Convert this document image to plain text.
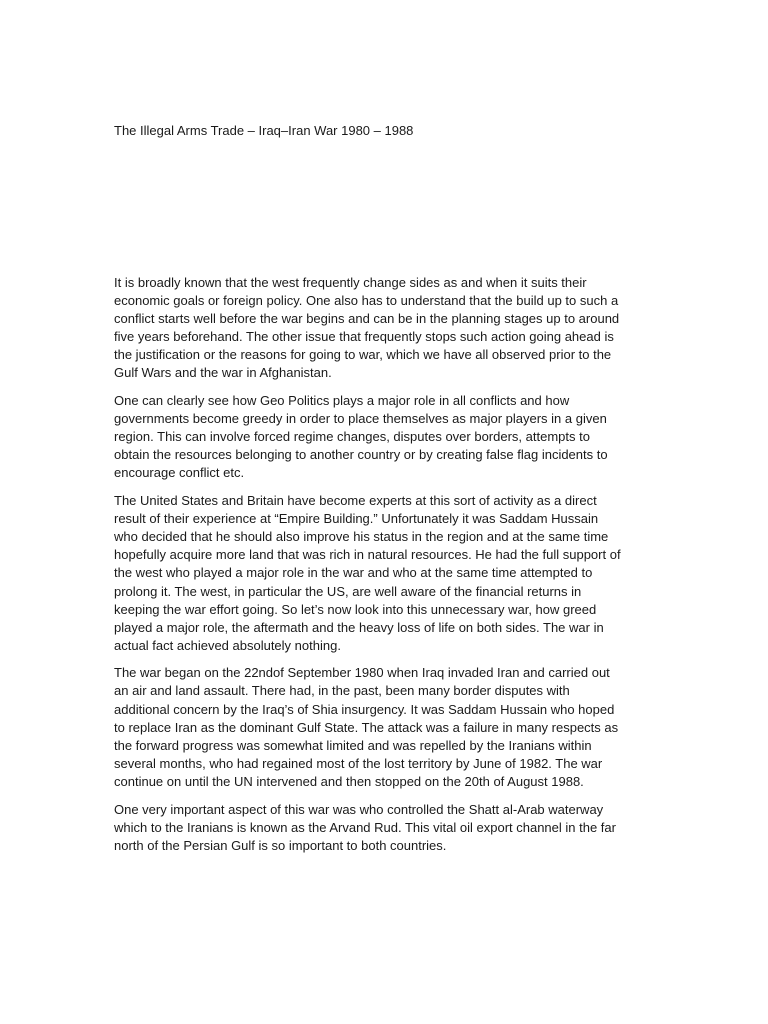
The Illegal Arms Trade – Iraq–Iran War 1980 – 1988

It is broadly known that the west frequently change sides as and when it suits their
economic goals or foreign policy. One also has to understand that the build up to such a
conflict starts well before the war begins and can be in the planning stages up to around
five years beforehand. The other issue that frequently stops such action going ahead is
the justification or the reasons for going to war, which we have all observed prior to the
Gulf Wars and the war in Afghanistan.

One can clearly see how Geo Politics plays a major role in all conflicts and how
governments become greedy in order to place themselves as major players in a given
region. This can involve forced regime changes, disputes over borders, attempts to
obtain the resources belonging to another country or by creating false flag incidents to
encourage conflict etc.

The United States and Britain have become experts at this sort of activity as a direct
result of their experience at “Empire Building.” Unfortunately it was Saddam Hussain
who decided that he should also improve his status in the region and at the same time
hopefully acquire more land that was rich in natural resources. He had the full support of
the west who played a major role in the war and who at the same time attempted to
prolong it. The west, in particular the US, are well aware of the financial returns in
keeping the war effort going. So let’s now look into this unnecessary war, how greed
played a major role, the aftermath and the heavy loss of life on both sides. The war in
actual fact achieved absolutely nothing.

The war began on the 22ndof September 1980 when Iraq invaded Iran and carried out
an air and land assault. There had, in the past, been many border disputes with
additional concern by the Iraq’s of Shia insurgency. It was Saddam Hussain who hoped
to replace Iran as the dominant Gulf State. The attack was a failure in many respects as
the forward progress was somewhat limited and was repelled by the Iranians within
several months, who had regained most of the lost territory by June of 1982. The war
continue on until the UN intervened and then stopped on the 20th of August 1988.

One very important aspect of this war was who controlled the Shatt al-Arab waterway
which to the Iranians is known as the Arvand Rud. This vital oil export channel in the far
north of the Persian Gulf is so important to both countries.
